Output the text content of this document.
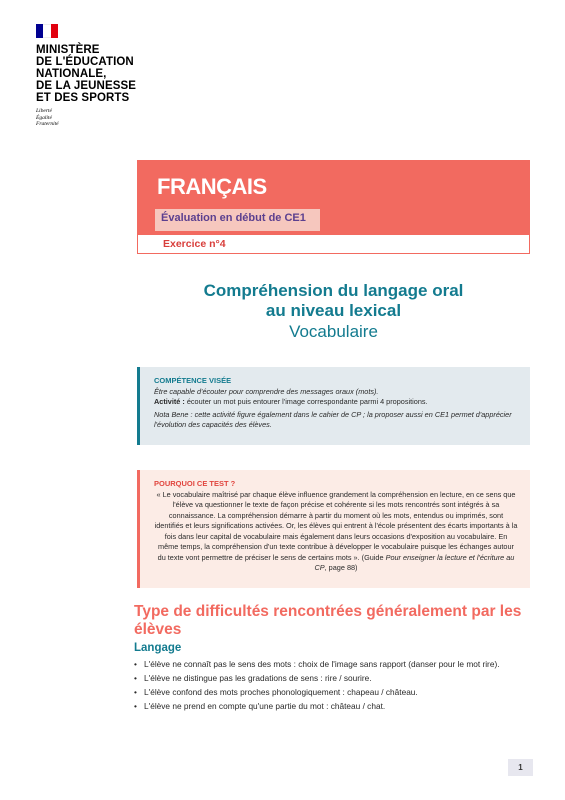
MINISTÈRE
DE L'ÉDUCATION
NATIONALE,
DE LA JEUNESSE
ET DES SPORTS
Liberté
Égalité
Fraternité
FRANÇAIS
Évaluation en début de CE1
Exercice n°4
Compréhension du langage oral
au niveau lexical
Vocabulaire
COMPÉTENCE VISÉE
Être capable d'écouter pour comprendre des messages oraux (mots).
Activité : écouter un mot puis entourer l'image correspondante parmi 4 propositions.
Nota Bene : cette activité figure également dans le cahier de CP ; la proposer aussi en CE1 permet d'apprécier l'évolution des capacités des élèves.
POURQUOI CE TEST ?
« Le vocabulaire maîtrisé par chaque élève influence grandement la compréhension en lecture, en ce sens que l'élève va questionner le texte de façon précise et cohérente si les mots rencontrés sont intégrés à sa connaissance. La compréhension démarre à partir du moment où les mots, entendus ou imprimés, sont identifiés et leurs significations activées. Or, les élèves qui entrent à l'école présentent des écarts importants à la fois dans leur capital de vocabulaire mais également dans leurs occasions d'exposition au vocabulaire. En même temps, la compréhension d'un texte contribue à développer le vocabulaire puisque les échanges autour du texte vont permettre de préciser le sens de certains mots ». (Guide Pour enseigner la lecture et l'écriture au CP, page 88)
Type de difficultés rencontrées généralement par les élèves
Langage
• L'élève ne connaît pas le sens des mots : choix de l'image sans rapport (danser pour le mot rire).
• L'élève ne distingue pas les gradations de sens : rire / sourire.
• L'élève confond des mots proches phonologiquement : chapeau / château.
• L'élève ne prend en compte qu'une partie du mot : château / chat.
1
